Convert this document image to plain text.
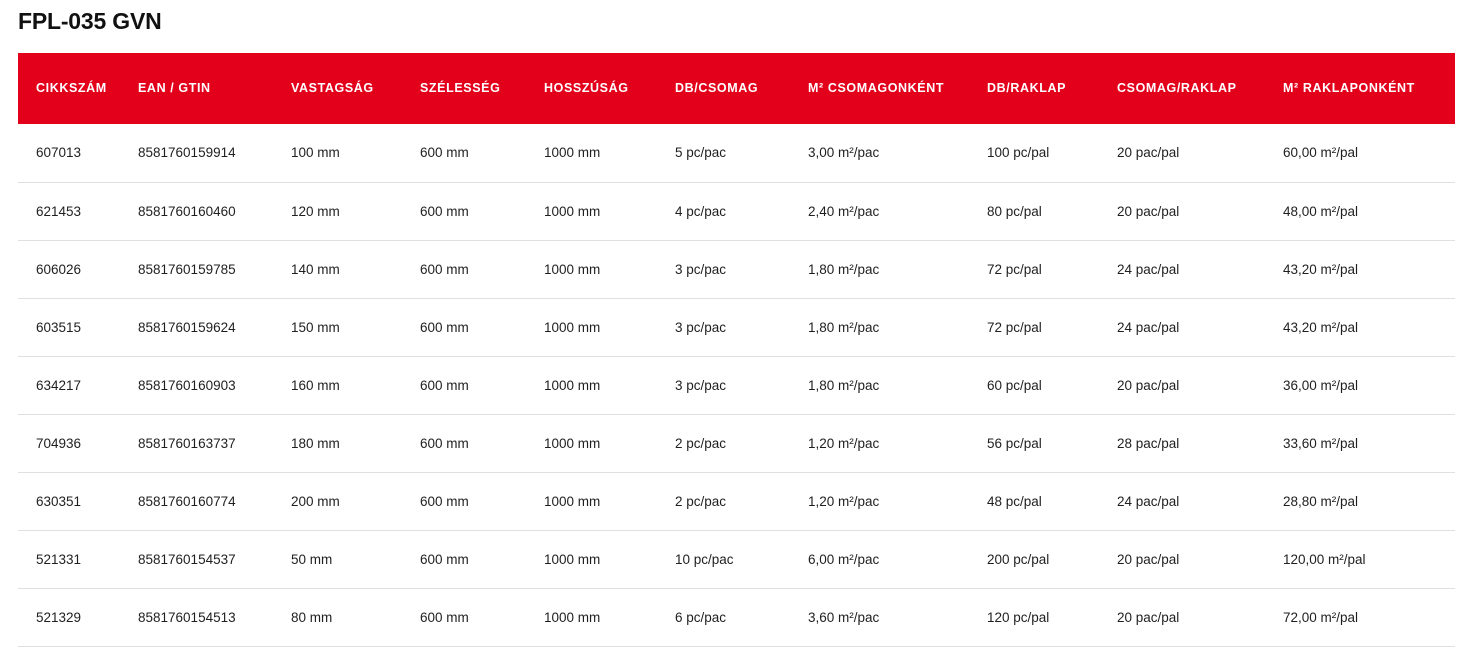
FPL-035 GVN
CIKKSZÁM	EAN / GTIN	VASTAGSÁG	SZÉLESSÉG	HOSSZÚSÁG	DB/CSOMAG	M² CSOMAGONKÉNT	DB/RAKLAP	CSOMAG/RAKLAP	M² RAKLAPONKÉNT

607013	8581760159914	100 mm	600 mm	1000 mm	5 pc/pac	3,00 m²/pac	100 pc/pal	20 pac/pal	60,00 m²/pal
621453	8581760160460	120 mm	600 mm	1000 mm	4 pc/pac	2,40 m²/pac	80 pc/pal	20 pac/pal	48,00 m²/pal
606026	8581760159785	140 mm	600 mm	1000 mm	3 pc/pac	1,80 m²/pac	72 pc/pal	24 pac/pal	43,20 m²/pal
603515	8581760159624	150 mm	600 mm	1000 mm	3 pc/pac	1,80 m²/pac	72 pc/pal	24 pac/pal	43,20 m²/pal
634217	8581760160903	160 mm	600 mm	1000 mm	3 pc/pac	1,80 m²/pac	60 pc/pal	20 pac/pal	36,00 m²/pal
704936	8581760163737	180 mm	600 mm	1000 mm	2 pc/pac	1,20 m²/pac	56 pc/pal	28 pac/pal	33,60 m²/pal
630351	8581760160774	200 mm	600 mm	1000 mm	2 pc/pac	1,20 m²/pac	48 pc/pal	24 pac/pal	28,80 m²/pal
521331	8581760154537	50 mm	600 mm	1000 mm	10 pc/pac	6,00 m²/pac	200 pc/pal	20 pac/pal	120,00 m²/pal
521329	8581760154513	80 mm	600 mm	1000 mm	6 pc/pac	3,60 m²/pac	120 pc/pal	20 pac/pal	72,00 m²/pal
